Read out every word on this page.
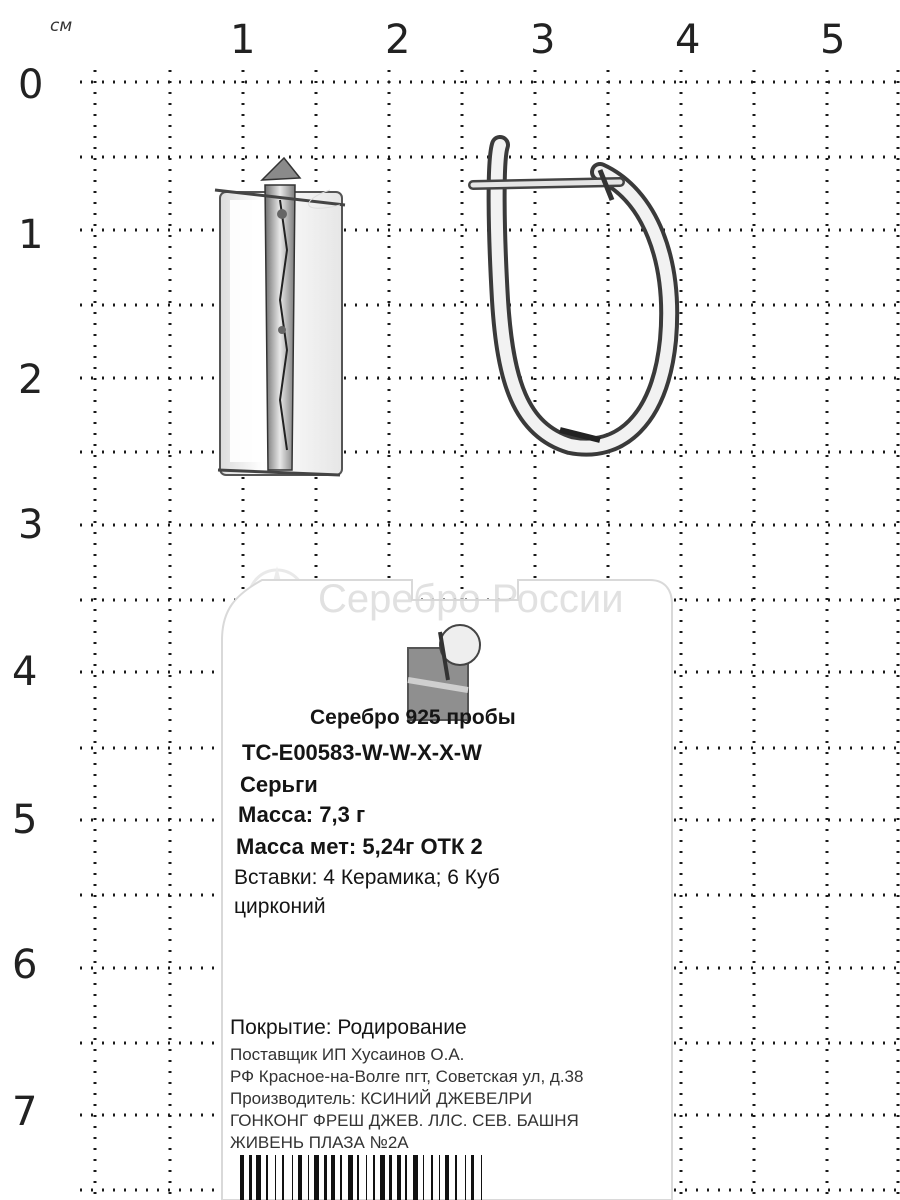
см	1	2	3	4	5
0
1
2
3
4
5
6
7
Серебро России
Серебро 925 пробы
TC-E00583-W-W-X-X-W
Серьги
Масса: 7,3 г
Масса мет: 5,24г ОТК 2
Вставки: 4 Керамика; 6 Куб
цирконий
Покрытие: Родирование
Поставщик ИП Хусаинов О.А.
РФ Красное-на-Волге пгт, Советская ул, д.38
Производитель: КСИНИЙ ДЖЕВЕЛРИ
ГОНКОНГ ФРЕШ ДЖЕВ. ЛЛС. СЕВ. БАШНЯ
ЖИВЕНЬ ПЛАЗА №2А
